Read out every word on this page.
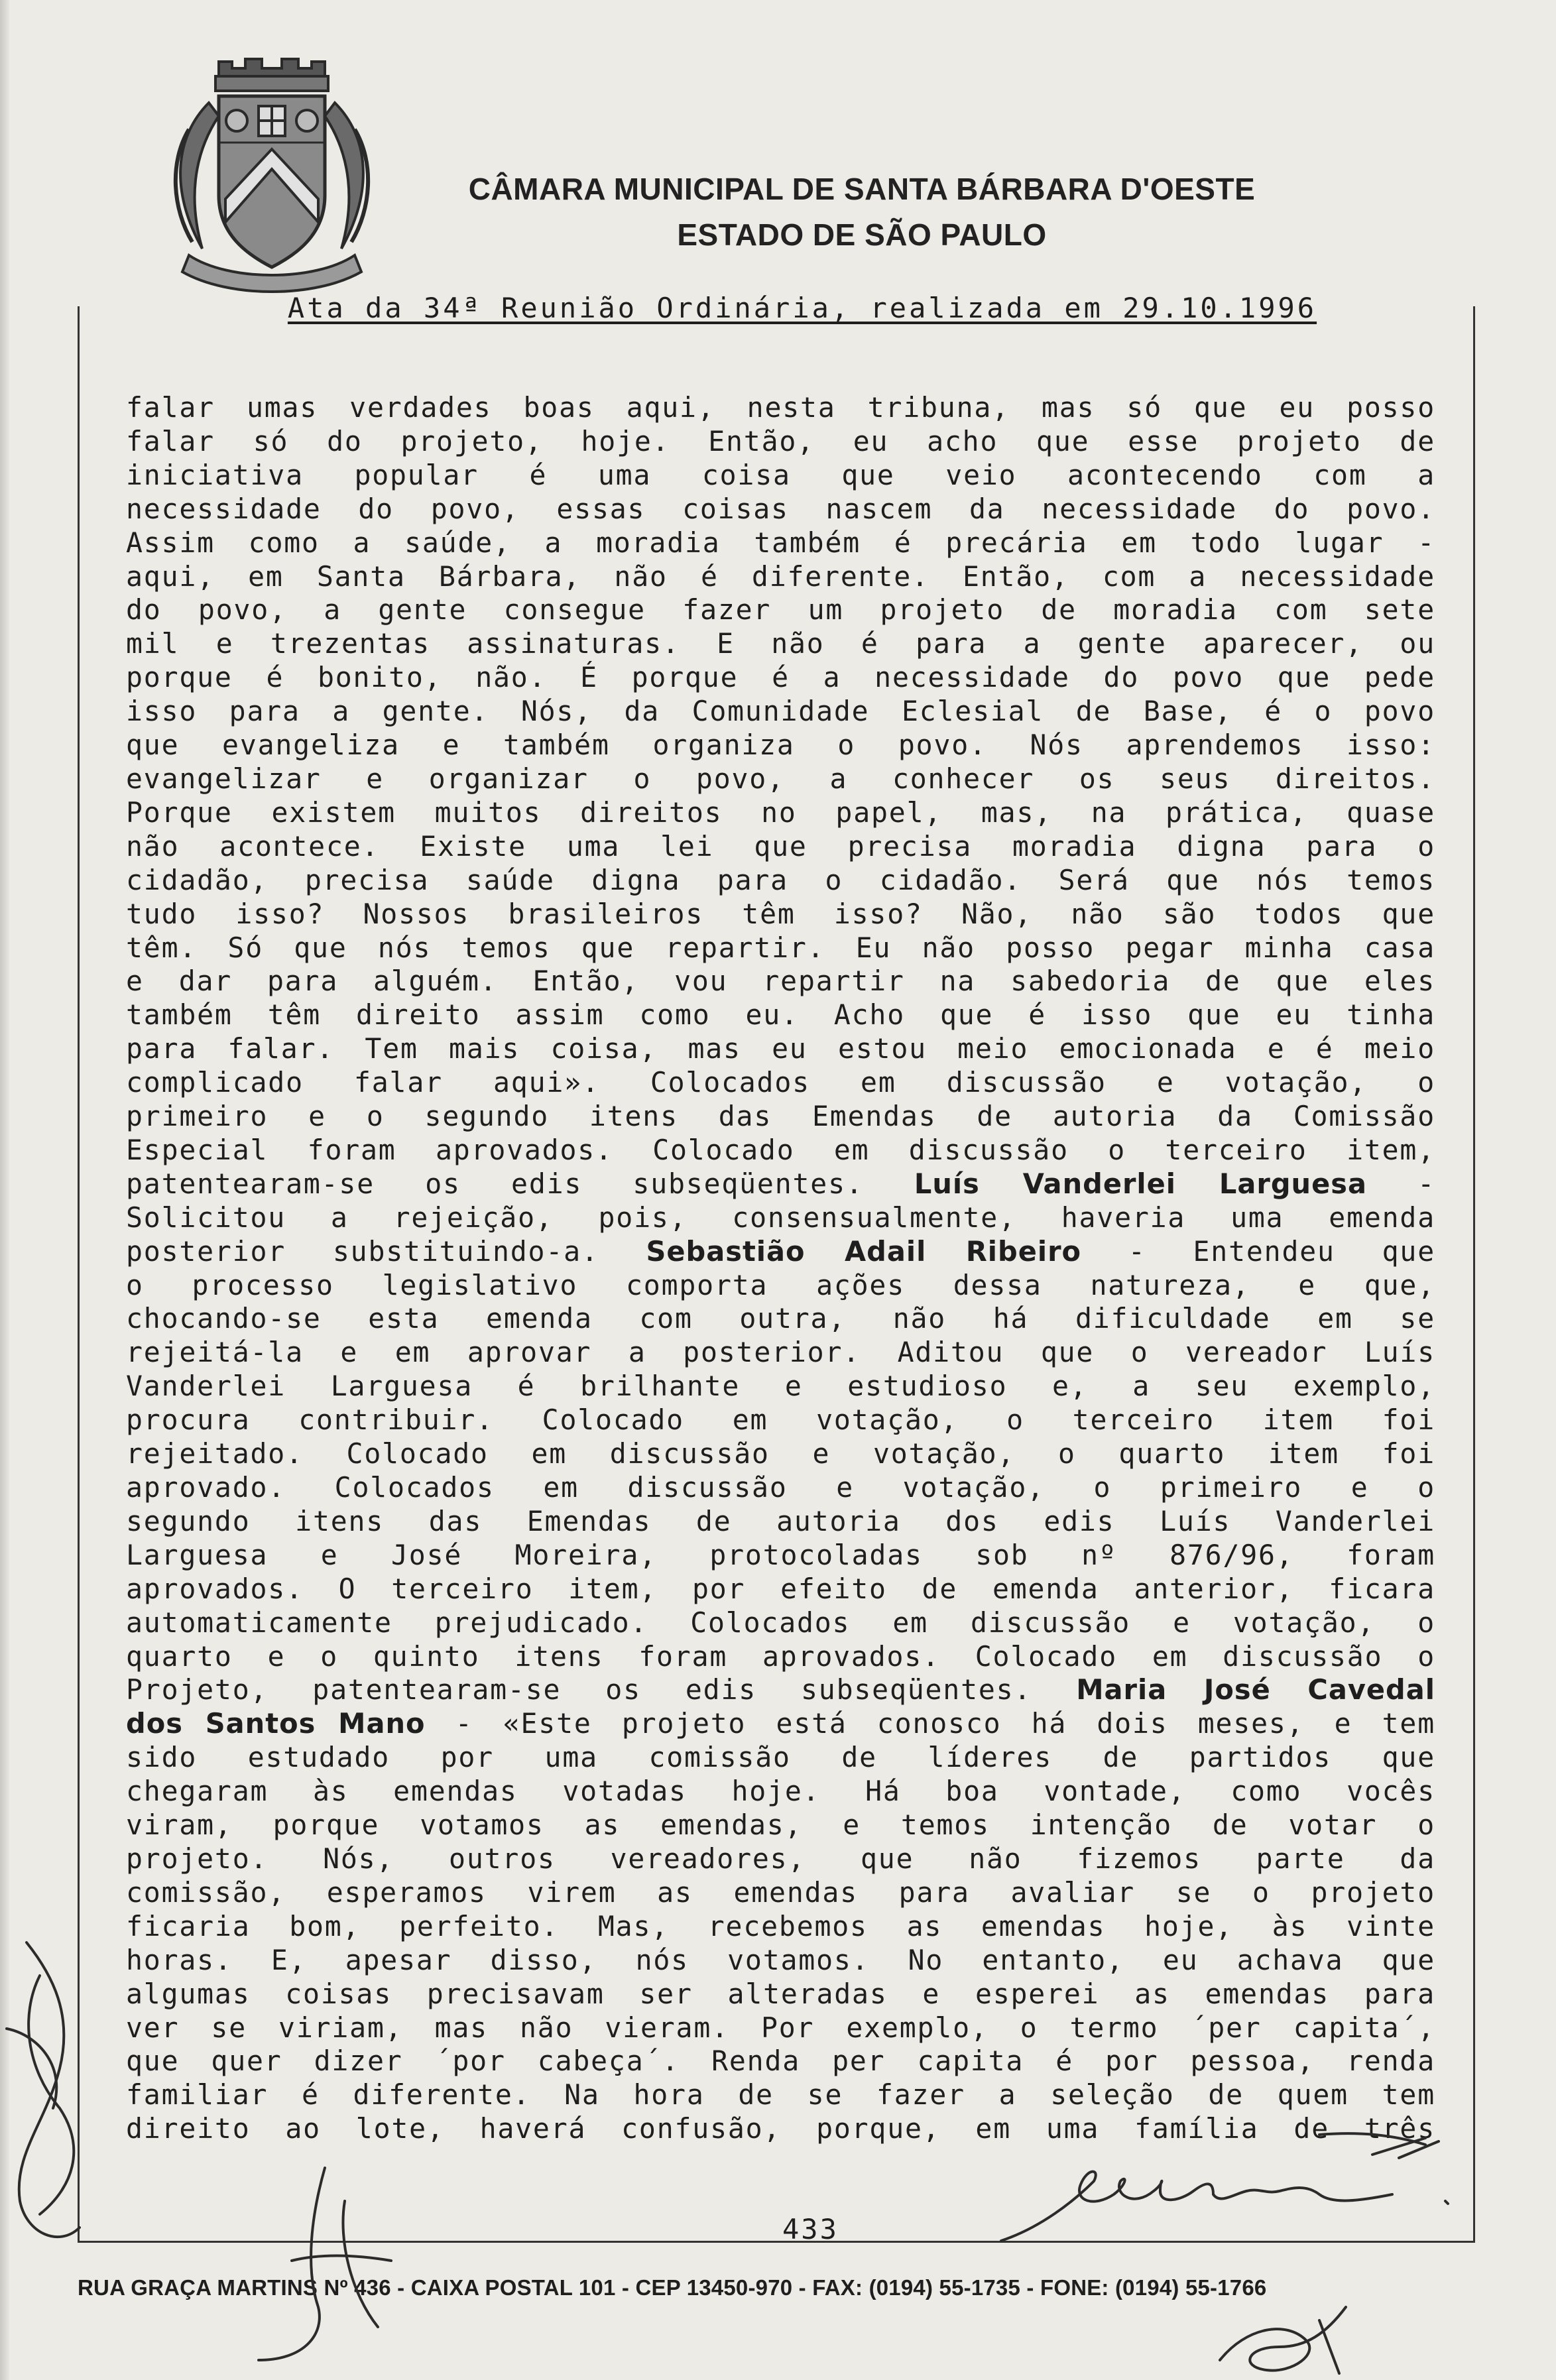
CÂMARA MUNICIPAL DE SANTA BÁRBARA D'OESTE
ESTADO DE SÃO PAULO
Ata da 34ª Reunião Ordinária, realizada em 29.10.1996

falar umas verdades boas aqui, nesta tribuna, mas só que eu posso

falar só do projeto, hoje. Então, eu acho que esse projeto de

iniciativa popular é uma coisa que veio acontecendo com a

necessidade do povo, essas coisas nascem da necessidade do povo.

Assim como a saúde, a moradia também é precária em todo lugar -

aqui, em Santa Bárbara, não é diferente. Então, com a necessidade

do povo, a gente consegue fazer um projeto de moradia com sete

mil e trezentas assinaturas. E não é para a gente aparecer, ou

porque é bonito, não. É porque é a necessidade do povo que pede

isso para a gente. Nós, da Comunidade Eclesial de Base, é o povo

que evangeliza e também organiza o povo. Nós aprendemos isso:

evangelizar e organizar o povo, a conhecer os seus direitos.

Porque existem muitos direitos no papel, mas, na prática, quase

não acontece. Existe uma lei que precisa moradia digna para o

cidadão, precisa saúde digna para o cidadão. Será que nós temos

tudo isso? Nossos brasileiros têm isso? Não, não são todos que

têm. Só que nós temos que repartir. Eu não posso pegar minha casa

e dar para alguém. Então, vou repartir na sabedoria de que eles

também têm direito assim como eu. Acho que é isso que eu tinha

para falar. Tem mais coisa, mas eu estou meio emocionada e é meio

complicado falar aqui». Colocados em discussão e votação, o

primeiro e o segundo itens das Emendas de autoria da Comissão

Especial foram aprovados. Colocado em discussão o terceiro item,

patentearam-se os edis subseqüentes. Luís Vanderlei Larguesa -

Solicitou a rejeição, pois, consensualmente, haveria uma emenda

posterior substituindo-a. Sebastião Adail Ribeiro - Entendeu que

o processo legislativo comporta ações dessa natureza, e que,

chocando-se esta emenda com outra, não há dificuldade em se

rejeitá-la e em aprovar a posterior. Aditou que o vereador Luís

Vanderlei Larguesa é brilhante e estudioso e, a seu exemplo,

procura contribuir. Colocado em votação, o terceiro item foi

rejeitado. Colocado em discussão e votação, o quarto item foi

aprovado. Colocados em discussão e votação, o primeiro e o

segundo itens das Emendas de autoria dos edis Luís Vanderlei

Larguesa e José Moreira, protocoladas sob nº 876/96, foram

aprovados. O terceiro item, por efeito de emenda anterior, ficara

automaticamente prejudicado. Colocados em discussão e votação, o

quarto e o quinto itens foram aprovados. Colocado em discussão o

Projeto, patentearam-se os edis subseqüentes. Maria José Cavedal

dos Santos Mano - «Este projeto está conosco há dois meses, e tem

sido estudado por uma comissão de líderes de partidos que

chegaram às emendas votadas hoje. Há boa vontade, como vocês

viram, porque votamos as emendas, e temos intenção de votar o

projeto. Nós, outros vereadores, que não fizemos parte da

comissão, esperamos virem as emendas para avaliar se o projeto

ficaria bom, perfeito. Mas, recebemos as emendas hoje, às vinte

horas. E, apesar disso, nós votamos. No entanto, eu achava que

algumas coisas precisavam ser alteradas e esperei as emendas para

ver se viriam, mas não vieram. Por exemplo, o termo ´per capita´,

que quer dizer ´por cabeça´. Renda per capita é por pessoa, renda

familiar é diferente. Na hora de se fazer a seleção de quem tem

direito ao lote, haverá confusão, porque, em uma família de três

433
RUA GRAÇA MARTINS Nº 436 - CAIXA POSTAL 101 - CEP 13450-970 - FAX: (0194) 55-1735 - FONE: (0194) 55-1766
